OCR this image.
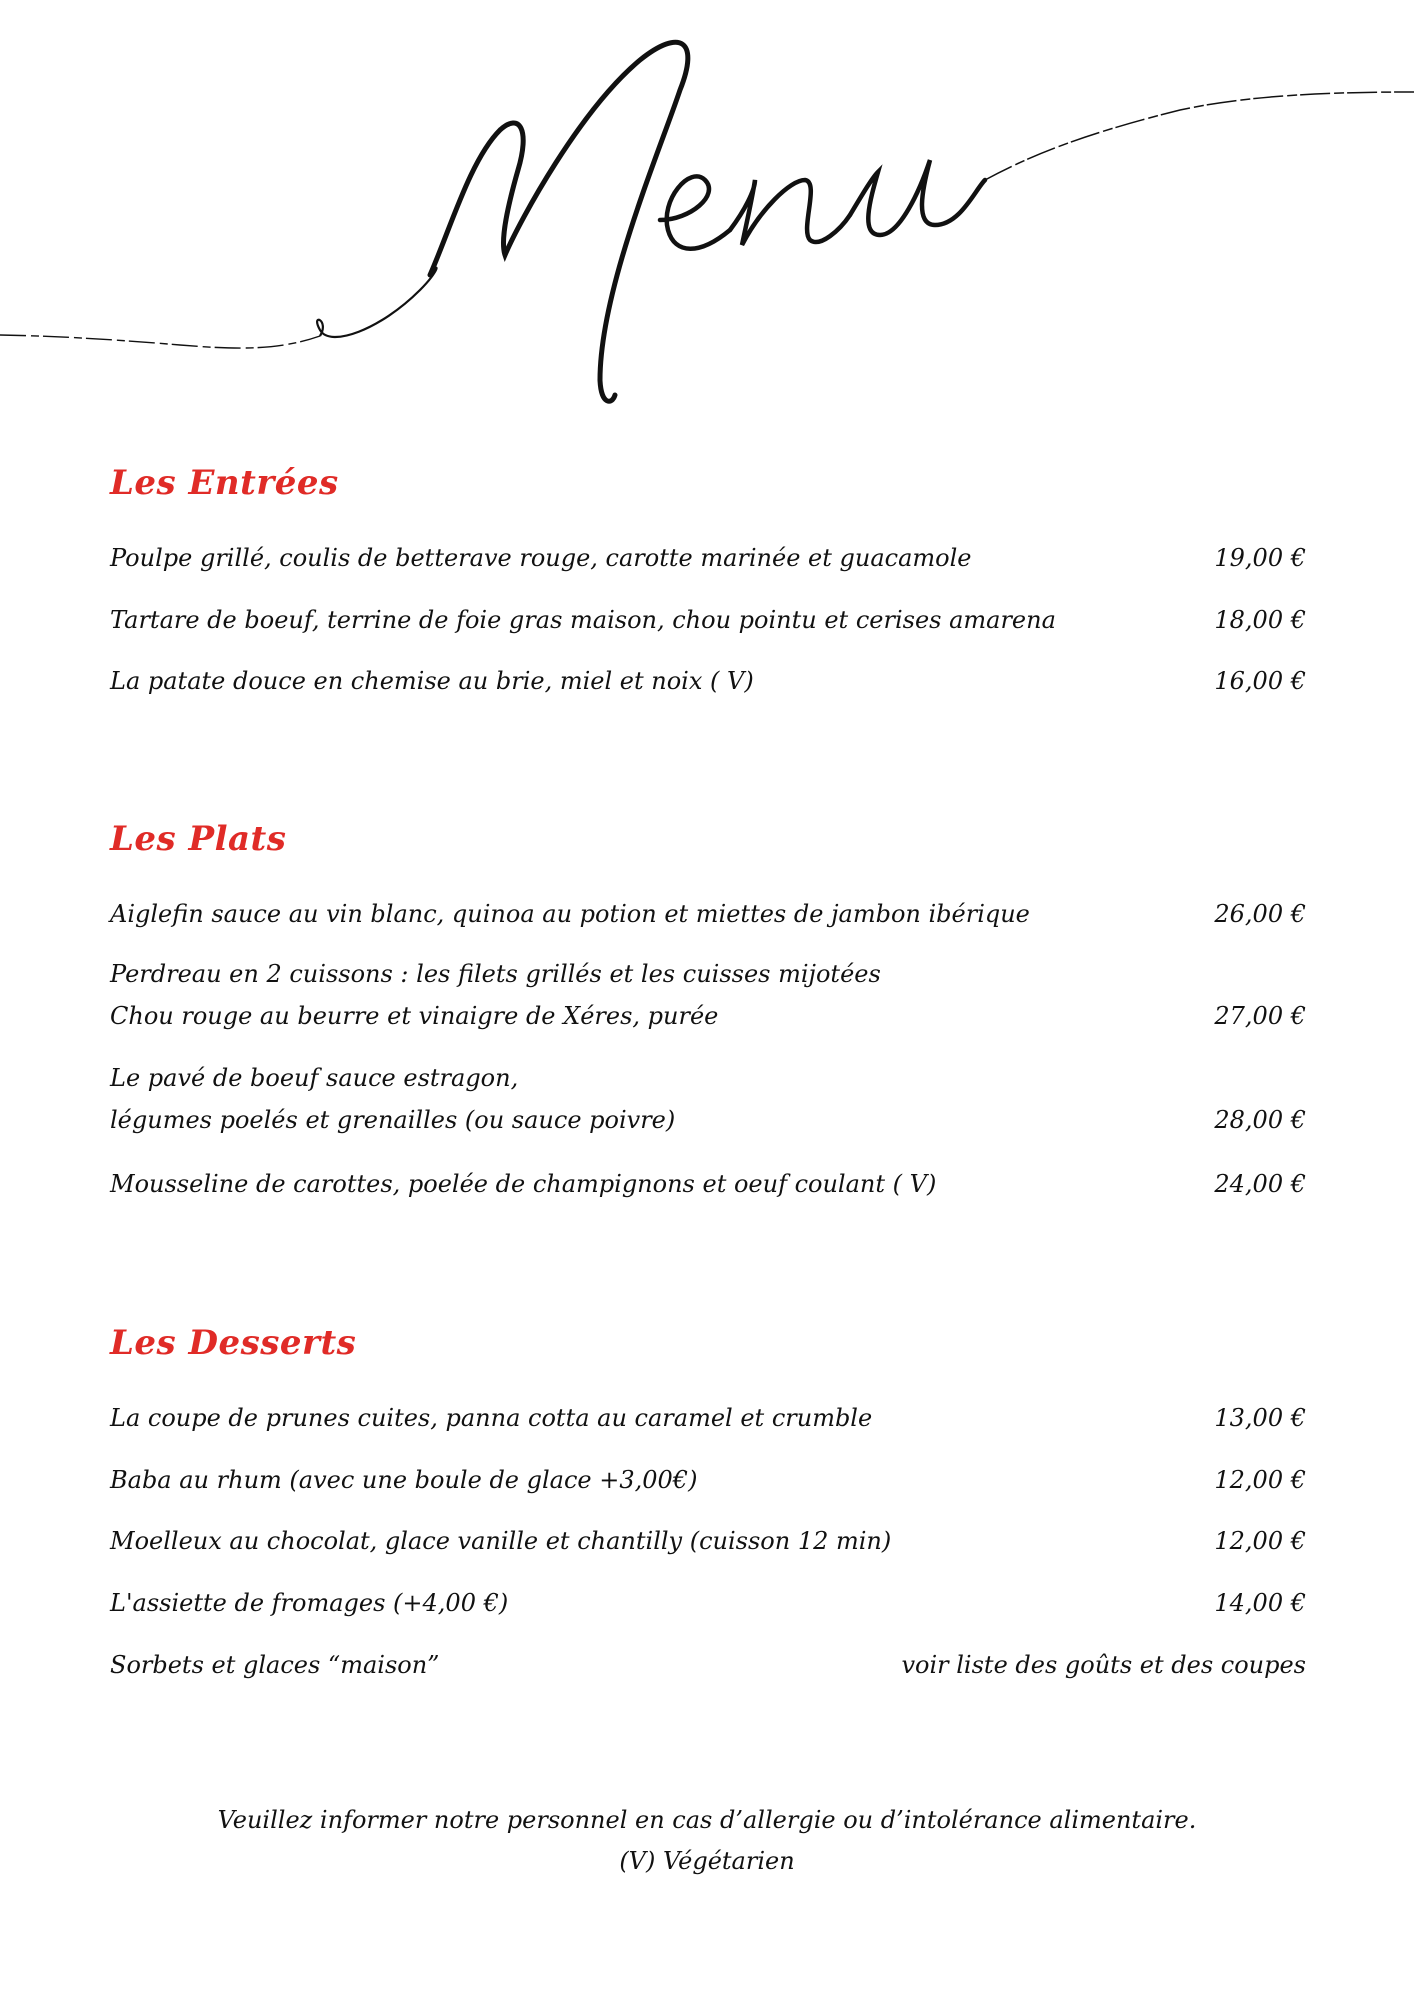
Les Entrées
Poulpe grillé, coulis de betterave rouge, carotte marinée et guacamole	19,00 €
Tartare de boeuf, terrine de foie gras maison, chou pointu et cerises amarena	18,00 €
La patate douce en chemise au brie, miel et noix ( V)	16,00 €
Les Plats
Aiglefin sauce au vin blanc, quinoa au potion et miettes de jambon ibérique	26,00 €
Perdreau en 2 cuissons : les filets grillés et les cuisses mijotées
Chou rouge au beurre et vinaigre de Xéres, purée	27,00 €
Le pavé de boeuf sauce estragon,
légumes poelés et grenailles (ou sauce poivre)	28,00 €
Mousseline de carottes, poelée de champignons et oeuf coulant ( V)	24,00 €
Les Desserts
La coupe de prunes cuites, panna cotta au caramel et crumble	13,00 €
Baba au rhum (avec une boule de glace +3,00€)	12,00 €
Moelleux au chocolat, glace vanille et chantilly (cuisson 12 min)	12,00 €
L'assiette de fromages (+4,00 €)	14,00 €
Sorbets et glaces “maison”	voir liste des goûts et des coupes
Veuillez informer notre personnel en cas d’allergie ou d’intolérance alimentaire.
(V) Végétarien
